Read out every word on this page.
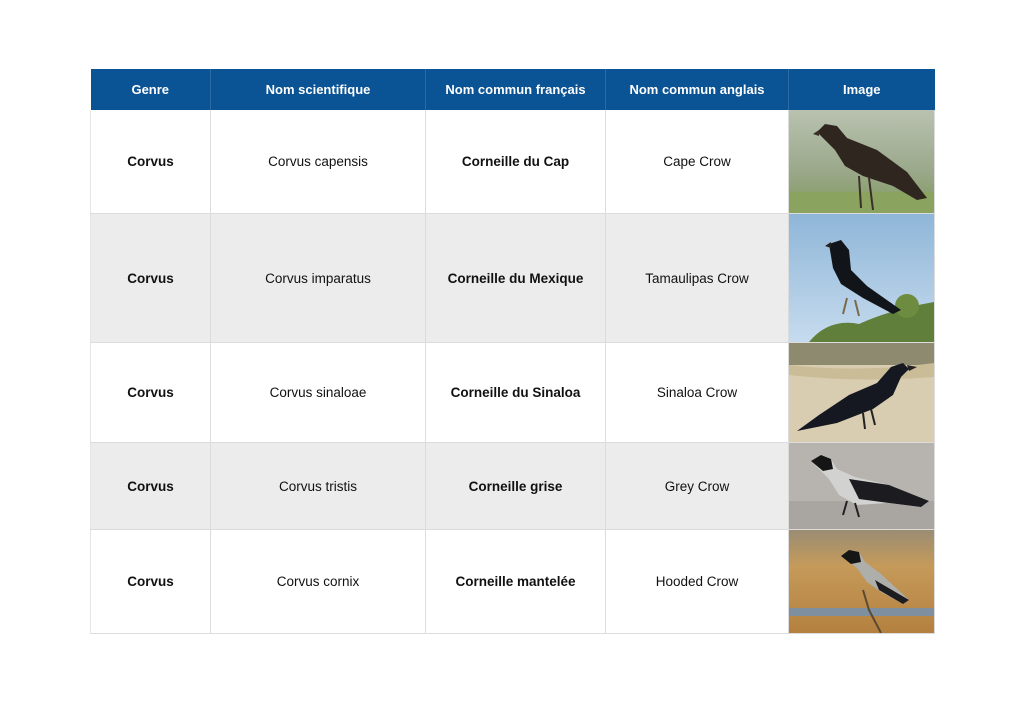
Genre	Nom scientifique	Nom commun français	Nom commun anglais	Image
Corvus	Corvus capensis	Corneille du Cap	Cape Crow	

Corvus	Corvus imparatus	Corneille du Mexique	Tamaulipas Crow	

Corvus	Corvus sinaloae	Corneille du Sinaloa	Sinaloa Crow	

Corvus	Corvus tristis	Corneille grise	Grey Crow	

Corvus	Corvus cornix	Corneille mantelée	Hooded Crow	
